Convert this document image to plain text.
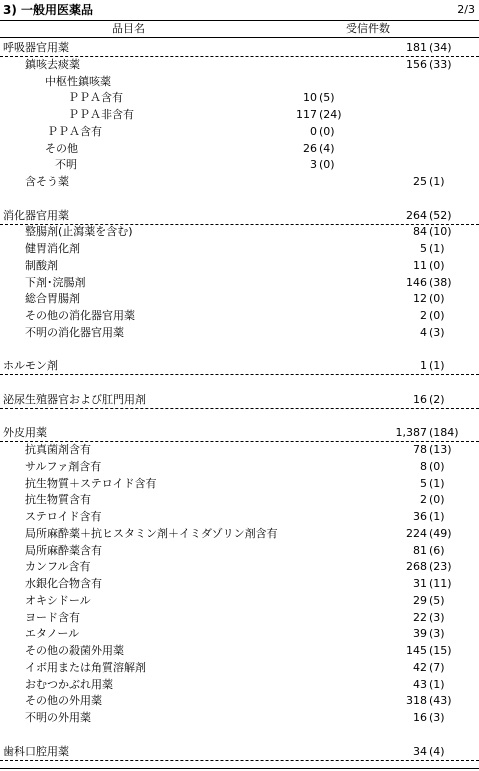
3) 一般用医薬品	2/3
品目名	受信件数
呼吸器官用薬	181 (34)
鎮咳去痰薬	156 (33)
中枢性鎮咳薬
ＰＰＡ含有	10 (5)
ＰＰＡ非含有	117 (24)
ＰＰＡ含有	0 (0)
その他	26 (4)
不明	3 (0)
含そう薬	25 (1)
消化器官用薬	264 (52)
整腸剤(止瀉薬を含む)	84 (10)
健胃消化剤	5 (1)
制酸剤	11 (0)
下剤･浣腸剤	146 (38)
総合胃腸剤	12 (0)
その他の消化器官用薬	2 (0)
不明の消化器官用薬	4 (3)
ホルモン剤	1 (1)
泌尿生殖器官および肛門用剤	16 (2)
外皮用薬	1,387 (184)
抗真菌剤含有	78 (13)
サルファ剤含有	8 (0)
抗生物質＋ステロイド含有	5 (1)
抗生物質含有	2 (0)
ステロイド含有	36 (1)
局所麻酔薬＋抗ヒスタミン剤＋イミダゾリン剤含有	224 (49)
局所麻酔薬含有	81 (6)
カンフル含有	268 (23)
水銀化合物含有	31 (11)
オキシドール	29 (5)
ヨード含有	22 (3)
エタノール	39 (3)
その他の殺菌外用薬	145 (15)
イボ用または角質溶解剤	42 (7)
おむつかぶれ用薬	43 (1)
その他の外用薬	318 (43)
不明の外用薬	16 (3)
歯科口腔用薬	34 (4)
